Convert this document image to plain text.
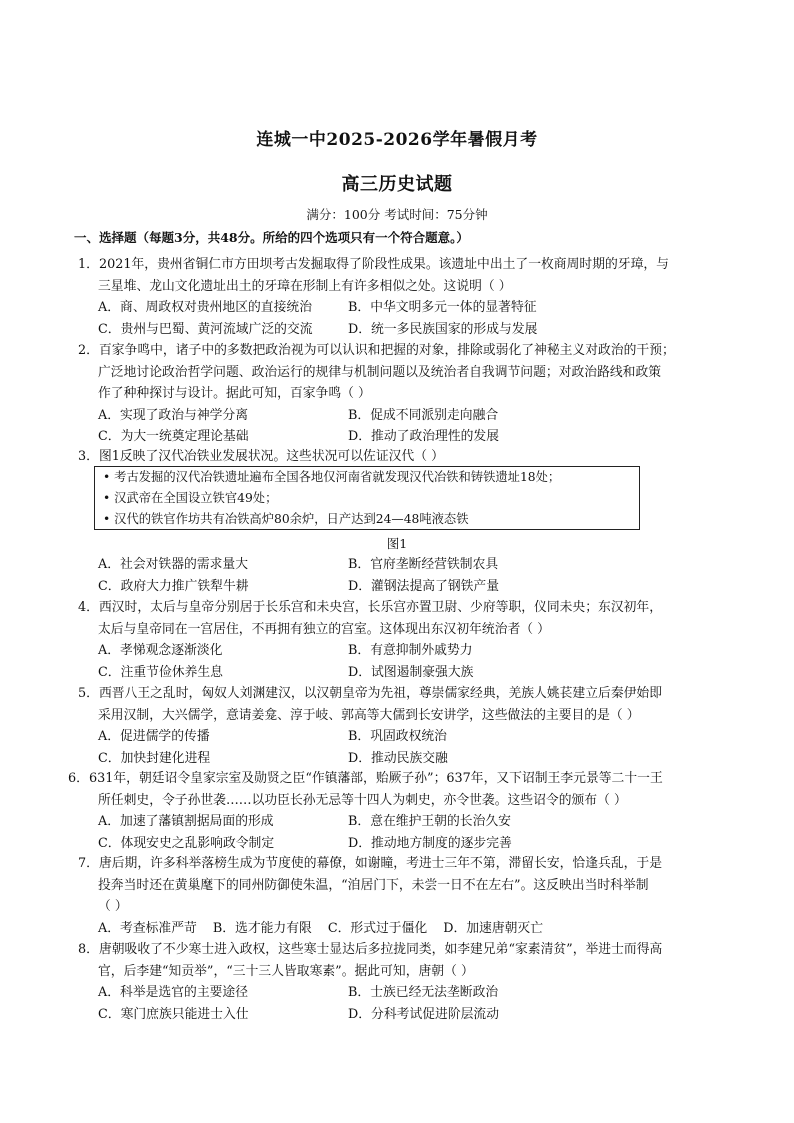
连城一中2025-2026学年暑假月考
高三历史试题
满分：100分 考试时间：75分钟
一、选择题（每题3分，共48分。所给的四个选项只有一个符合题意。）
1．2021年，贵州省铜仁市方田坝考古发掘取得了阶段性成果。该遗址中出土了一枚商周时期的牙璋，与
三星堆、龙山文化遗址出土的牙璋在形制上有许多相似之处。这说明（ ）
A．商、周政权对贵州地区的直接统治	B．中华文明多元一体的显著特征
C．贵州与巴蜀、黄河流域广泛的交流	D．统一多民族国家的形成与发展
2．百家争鸣中，诸子中的多数把政治视为可以认识和把握的对象，排除或弱化了神秘主义对政治的干预；
广泛地讨论政治哲学问题、政治运行的规律与机制问题以及统治者自我调节问题；对政治路线和政策
作了种种探讨与设计。据此可知，百家争鸣（ ）
A．实现了政治与神学分离	B．促成不同派别走向融合
C．为大一统奠定理论基础	D．推动了政治理性的发展
3．图1反映了汉代冶铁业发展状况。这些状况可以佐证汉代（ ）
• 考古发掘的汉代冶铁遗址遍布全国各地仅河南省就发现汉代冶铁和铸铁遗址18处；
• 汉武帝在全国设立铁官49处；
• 汉代的铁官作坊共有冶铁高炉80余炉，日产达到24—48吨液态铁
图1
A．社会对铁器的需求量大	B．官府垄断经营铁制农具
C．政府大力推广铁犁牛耕	D．灌钢法提高了钢铁产量
4．西汉时，太后与皇帝分别居于长乐宫和未央宫，长乐宫亦置卫尉、少府等职，仪同未央；东汉初年，
太后与皇帝同在一宫居住，不再拥有独立的宫室。这体现出东汉初年统治者（ ）
A．孝悌观念逐渐淡化	B．有意抑制外戚势力
C．注重节俭休养生息	D．试图遏制豪强大族
5．西晋八王之乱时，匈奴人刘渊建汉，以汉朝皇帝为先祖，尊崇儒家经典，羌族人姚苌建立后秦伊始即
采用汉制，大兴儒学，意请姜龛、淳于岐、郭高等大儒到长安讲学，这些做法的主要目的是（ ）
A．促进儒学的传播	B．巩固政权统治
C．加快封建化进程	D．推动民族交融
6．631年，朝廷诏令皇家宗室及勋贤之臣“作镇藩部，贻厥子孙”；637年，又下诏制王李元景等二十一王
所任刺史，令子孙世袭……以功臣长孙无忌等十四人为刺史，亦令世袭。这些诏令的颁布（ ）
A．加速了藩镇割据局面的形成	B．意在维护王朝的长治久安
C．体现安史之乱影响政令制定	D．推动地方制度的逐步完善
7．唐后期，许多科举落榜生成为节度使的幕僚，如谢瞳，考进士三年不第，滞留长安，恰逢兵乱，于是
投奔当时还在黄巢麾下的同州防御使朱温，“洎居门下，未尝一日不在左右”。这反映出当时科举制
（ ）
A．考查标准严苛 B．选才能力有限 C．形式过于僵化 D．加速唐朝灭亡
8．唐朝吸收了不少寒士进入政权，这些寒士显达后多拉拢同类，如李建兄弟“家素清贫”，举进士而得高
官，后李建“知贡举”，“三十三人皆取寒素”。据此可知，唐朝（ ）
A．科举是选官的主要途径	B．士族已经无法垄断政治
C．寒门庶族只能进士入仕	D．分科考试促进阶层流动
